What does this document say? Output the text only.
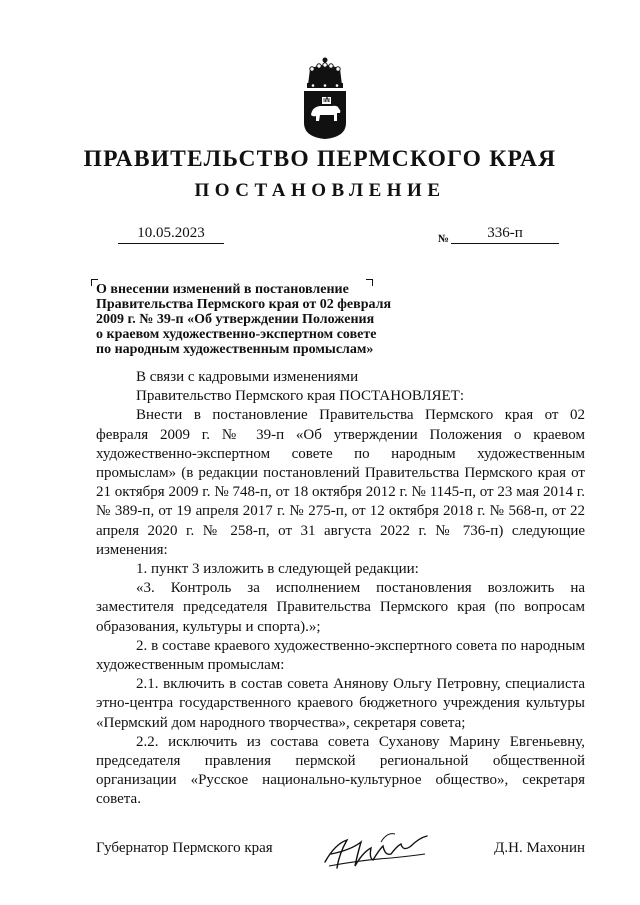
ПРАВИТЕЛЬСТВО ПЕРМСКОГО КРАЯ
ПОСТАНОВЛЕНИЕ
10.05.2023	№	336-п
О внесении изменений в постановление
Правительства Пермского края от 02 февраля
2009 г. № 39-п «Об утверждении Положения
о краевом художественно-экспертном совете
по народным художественным промыслам»

В связи с кадровыми изменениями

Правительство Пермского края ПОСТАНОВЛЯЕТ:

Внести в постановление Правительства Пермского края от 02 февраля 2009 г. № 39-п «Об утверждении Положения о краевом художественно-экспертном совете по народным художественным промыслам» (в редакции постановлений Правительства Пермского края от 21 октября 2009 г. № 748-п, от 18 октября 2012 г. № 1145-п, от 23 мая 2014 г. № 389-п, от 19 апреля 2017 г. № 275-п, от 12 октября 2018 г. № 568-п, от 22 апреля 2020 г. № 258-п, от 31 августа 2022 г. № 736-п) следующие изменения:

1. пункт 3 изложить в следующей редакции:

«3. Контроль за исполнением постановления возложить на заместителя председателя Правительства Пермского края (по вопросам образования, культуры и спорта).»;

2. в составе краевого художественно-экспертного совета по народным художественным промыслам:

2.1. включить в состав совета Анянову Ольгу Петровну, специалиста этно-центра государственного краевого бюджетного учреждения культуры «Пермский дом народного творчества», секретаря совета;

2.2. исключить из состава совета Суханову Марину Евгеньевну, председателя правления пермской региональной общественной организации «Русское национально-культурное общество», секретаря совета.

Губернатор Пермского края	Д.Н. Махонин
